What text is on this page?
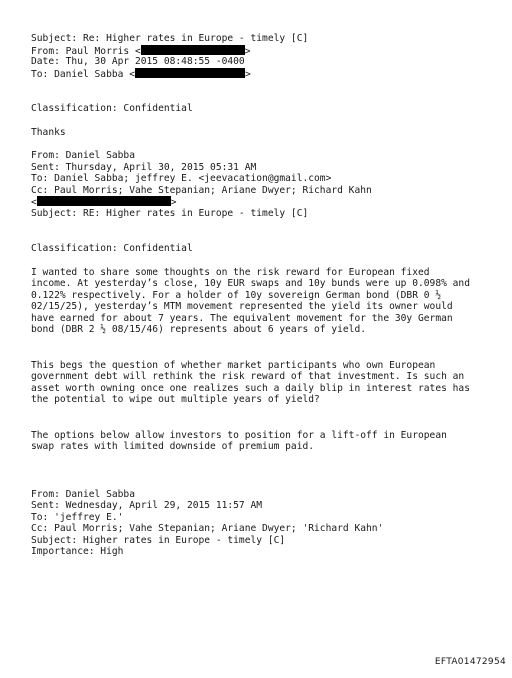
Subject: Re: Higher rates in Europe - timely [C]
From: Paul Morris <	>
Date: Thu, 30 Apr 2015 08:48:55 -0400
To: Daniel Sabba <	>
Classification: Confidential
Thanks
From: Daniel Sabba
Sent: Thursday, April 30, 2015 05:31 AM
To: Daniel Sabba; jeffrey E. <jeevacation@gmail.com>
Cc: Paul Morris; Vahe Stepanian; Ariane Dwyer; Richard Kahn
<	>
Subject: RE: Higher rates in Europe - timely [C]
Classification: Confidential
I wanted to share some thoughts on the risk reward for European fixed
income. At yesterday’s close, 10y EUR swaps and 10y bunds were up 0.098% and
0.122% respectively. For a holder of 10y sovereign German bond (DBR 0 ½
02/15/25), yesterday’s MTM movement represented the yield its owner would
have earned for about 7 years. The equivalent movement for the 30y German
bond (DBR 2 ½ 08/15/46) represents about 6 years of yield.
This begs the question of whether market participants who own European
government debt will rethink the risk reward of that investment. Is such an
asset worth owning once one realizes such a daily blip in interest rates has
the potential to wipe out multiple years of yield?
The options below allow investors to position for a lift-off in European
swap rates with limited downside of premium paid.
From: Daniel Sabba
Sent: Wednesday, April 29, 2015 11:57 AM
To: 'jeffrey E.'
Cc: Paul Morris; Vahe Stepanian; Ariane Dwyer; 'Richard Kahn'
Subject: Higher rates in Europe - timely [C]
Importance: High
EFTA01472954
